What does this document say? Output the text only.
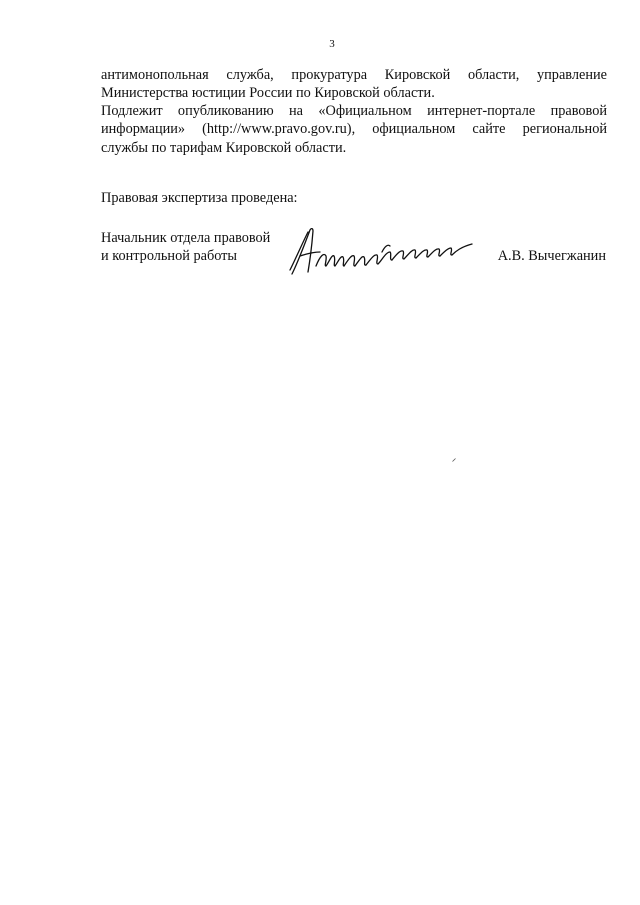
3
антимонопольная служба, прокуратура Кировской области, управление
Министерства юстиции России по Кировской области.
Подлежит опубликованию на «Официальном интернет-портале правовой
информации» (http://www.pravo.gov.ru), официальном сайте региональной
службы по тарифам Кировской области.
Правовая экспертиза проведена:
Начальник отдела правовой
и контрольной работы	А.В. Вычегжанин
